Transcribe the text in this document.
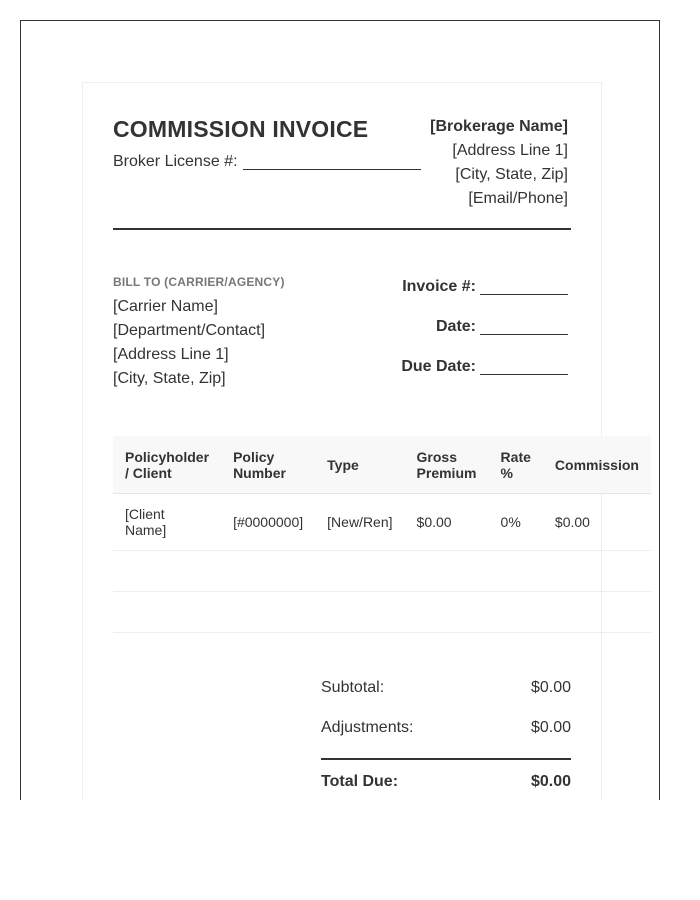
COMMISSION INVOICE
Broker License #:
[Brokerage Name]
[Address Line 1]
[City, State, Zip]
[Email/Phone]
BILL TO (CARRIER/AGENCY)
[Carrier Name]
[Department/Contact]
[Address Line 1]
[City, State, Zip]
Invoice #:
Date:
Due Date:
Policyholder / Client	Policy Number	Type	Gross Premium	Rate %	Commission
[Client Name]	[#0000000]	[New/Ren]	$0.00	0%	$0.00

Subtotal:	$0.00
Adjustments:	$0.00
Total Due:	$0.00
